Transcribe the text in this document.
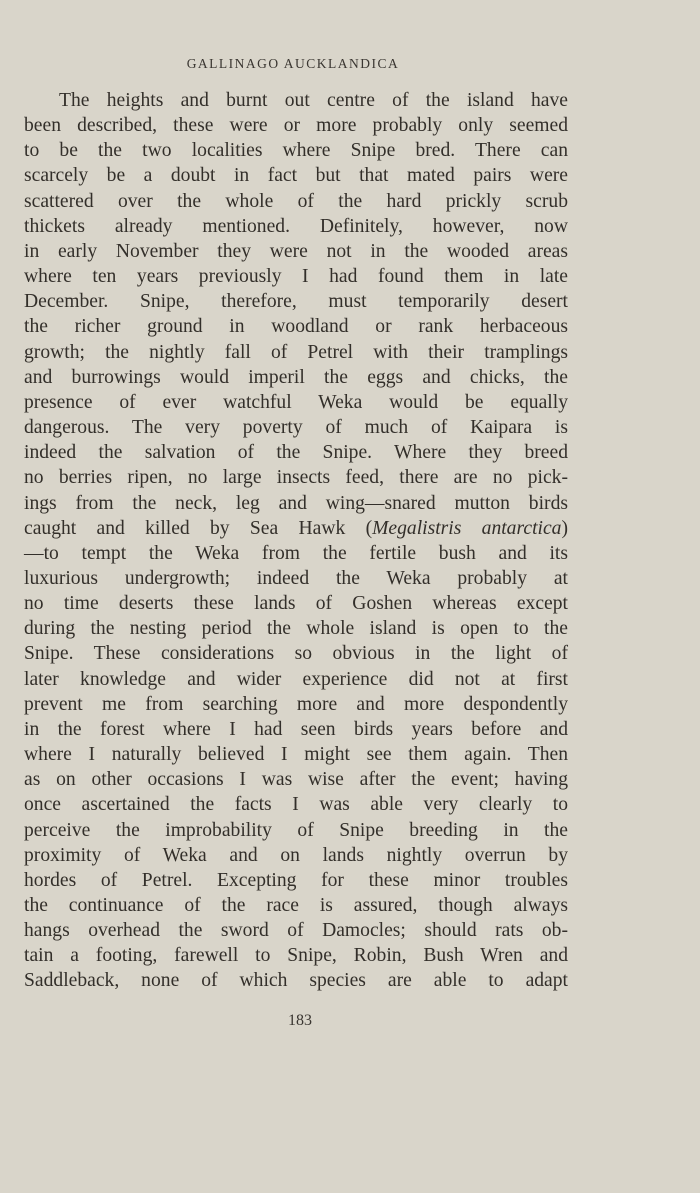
GALLINAGO AUCKLANDICA
The heights and burnt out centre of the island have
been described, these were or more probably only seemed
to be the two localities where Snipe bred. There can
scarcely be a doubt in fact but that mated pairs were
scattered over the whole of the hard prickly scrub
thickets already mentioned. Definitely, however, now
in early November they were not in the wooded areas
where ten years previously I had found them in late
December. Snipe, therefore, must temporarily desert
the richer ground in woodland or rank herbaceous
growth; the nightly fall of Petrel with their tramplings
and burrowings would imperil the eggs and chicks, the
presence of ever watchful Weka would be equally
dangerous. The very poverty of much of Kaipara is
indeed the salvation of the Snipe. Where they breed
no berries ripen, no large insects feed, there are no pick-
ings from the neck, leg and wing—snared mutton birds
caught and killed by Sea Hawk (Megalistris antarctica)
—to tempt the Weka from the fertile bush and its
luxurious undergrowth; indeed the Weka probably at
no time deserts these lands of Goshen whereas except
during the nesting period the whole island is open to the
Snipe. These considerations so obvious in the light of
later knowledge and wider experience did not at first
prevent me from searching more and more despondently
in the forest where I had seen birds years before and
where I naturally believed I might see them again. Then
as on other occasions I was wise after the event; having
once ascertained the facts I was able very clearly to
perceive the improbability of Snipe breeding in the
proximity of Weka and on lands nightly overrun by
hordes of Petrel. Excepting for these minor troubles
the continuance of the race is assured, though always
hangs overhead the sword of Damocles; should rats ob-
tain a footing, farewell to Snipe, Robin, Bush Wren and
Saddleback, none of which species are able to adapt
183
